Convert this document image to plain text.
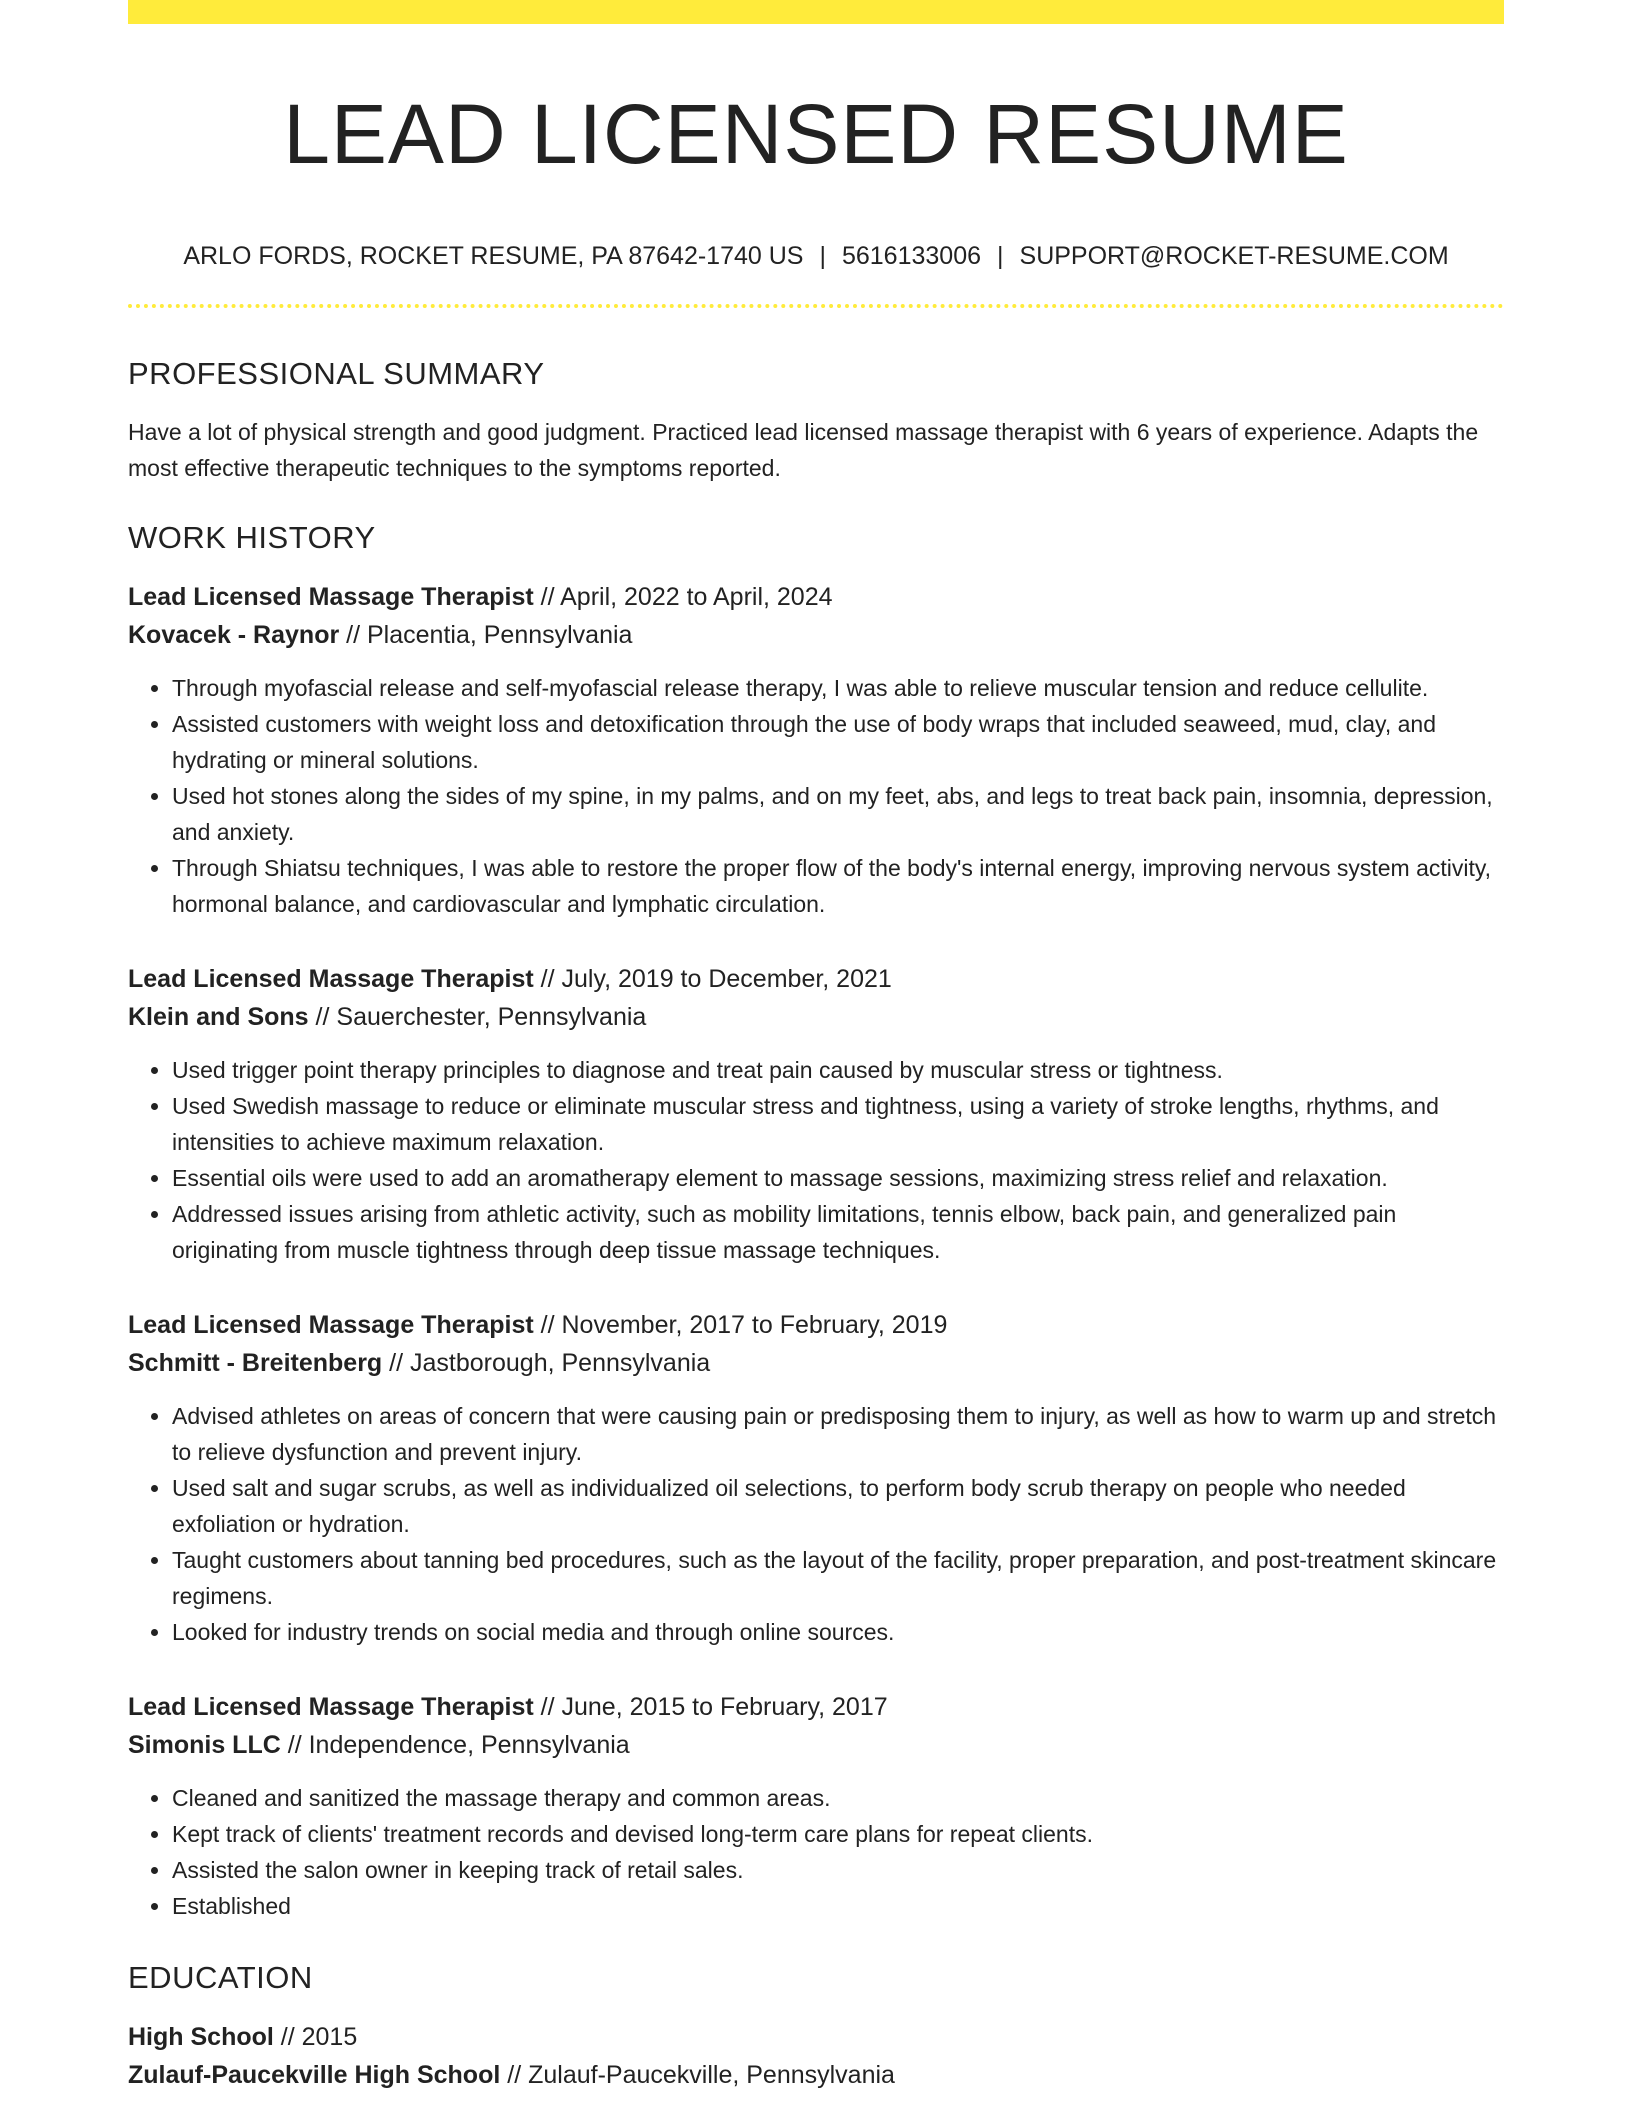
LEAD LICENSED RESUME
ARLO FORDS, ROCKET RESUME, PA 87642-1740 US | 5616133006 | SUPPORT@ROCKET-RESUME.COM
PROFESSIONAL SUMMARY
Have a lot of physical strength and good judgment. Practiced lead licensed massage therapist with 6 years of experience. Adapts the most effective therapeutic techniques to the symptoms reported.
WORK HISTORY
Lead Licensed Massage Therapist // April, 2022 to April, 2024
Kovacek - Raynor // Placentia, Pennsylvania
• Through myofascial release and self-myofascial release therapy, I was able to relieve muscular tension and reduce cellulite.
• Assisted customers with weight loss and detoxification through the use of body wraps that included seaweed, mud, clay, and hydrating or mineral solutions.
• Used hot stones along the sides of my spine, in my palms, and on my feet, abs, and legs to treat back pain, insomnia, depression, and anxiety.
• Through Shiatsu techniques, I was able to restore the proper flow of the body's internal energy, improving nervous system activity, hormonal balance, and cardiovascular and lymphatic circulation.
Lead Licensed Massage Therapist // July, 2019 to December, 2021
Klein and Sons // Sauerchester, Pennsylvania
• Used trigger point therapy principles to diagnose and treat pain caused by muscular stress or tightness.
• Used Swedish massage to reduce or eliminate muscular stress and tightness, using a variety of stroke lengths, rhythms, and intensities to achieve maximum relaxation.
• Essential oils were used to add an aromatherapy element to massage sessions, maximizing stress relief and relaxation.
• Addressed issues arising from athletic activity, such as mobility limitations, tennis elbow, back pain, and generalized pain originating from muscle tightness through deep tissue massage techniques.
Lead Licensed Massage Therapist // November, 2017 to February, 2019
Schmitt - Breitenberg // Jastborough, Pennsylvania
• Advised athletes on areas of concern that were causing pain or predisposing them to injury, as well as how to warm up and stretch to relieve dysfunction and prevent injury.
• Used salt and sugar scrubs, as well as individualized oil selections, to perform body scrub therapy on people who needed exfoliation or hydration.
• Taught customers about tanning bed procedures, such as the layout of the facility, proper preparation, and post-treatment skincare regimens.
• Looked for industry trends on social media and through online sources.
Lead Licensed Massage Therapist // June, 2015 to February, 2017
Simonis LLC // Independence, Pennsylvania
• Cleaned and sanitized the massage therapy and common areas.
• Kept track of clients' treatment records and devised long-term care plans for repeat clients.
• Assisted the salon owner in keeping track of retail sales.
• Established
EDUCATION
High School // 2015
Zulauf-Paucekville High School // Zulauf-Paucekville, Pennsylvania
